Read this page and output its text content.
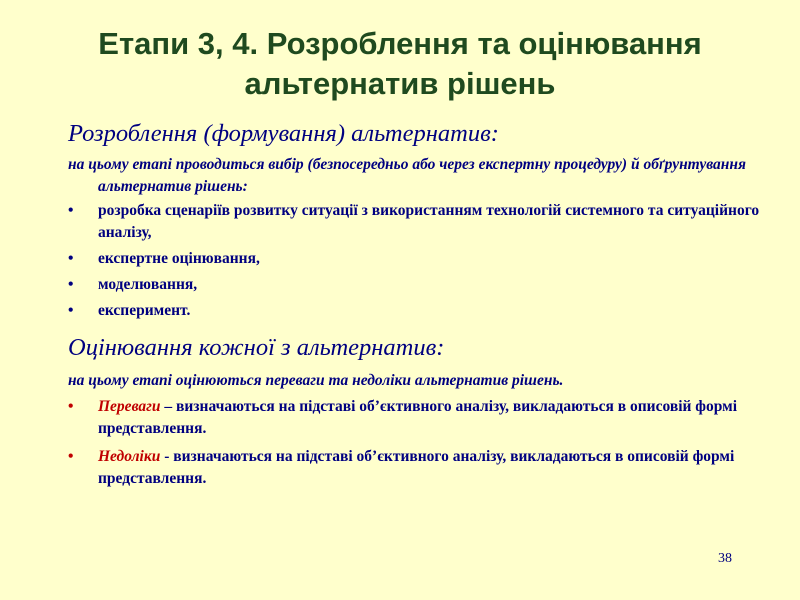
Етапи 3, 4. Розроблення та оцінювання
альтернатив рішень

Розроблення (формування) альтернатив:

на цьому етапі проводиться вибір (безпосередньо або через експертну процедуру) й обґрунтування альтернатив рішень:

• розробка сценаріїв розвитку ситуації з використанням технологій системного та ситуаційного аналізу,
• експертне оцінювання,
• моделювання,
• експеримент.

Оцінювання кожної з альтернатив:

на цьому етапі оцінюються переваги та недоліки альтернатив рішень.

• Переваги – визначаються на підставі об’єктивного аналізу, викладаються в описовій формі представлення.
• Недоліки - визначаються на підставі об’єктивного аналізу, викладаються в описовій формі представлення.
38
